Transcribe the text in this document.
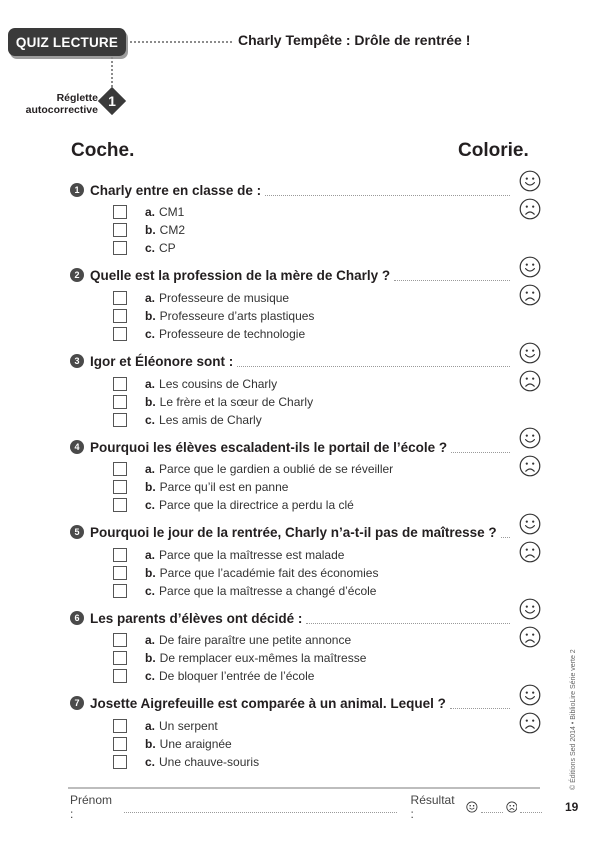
QUIZ LECTURE	Charly Tempête : Drôle de rentrée !
Réglette
autocorrective
1
Coche.	Colorie.
1 Charly entre en classe de :
a. CM1
b. CM2
c. CP
2 Quelle est la profession de la mère de Charly ?
a. Professeure de musique
b. Professeure d’arts plastiques
c. Professeure de technologie
3 Igor et Éléonore sont :
a. Les cousins de Charly
b. Le frère et la sœur de Charly
c. Les amis de Charly
4 Pourquoi les élèves escaladent-ils le portail de l’école ?
a. Parce que le gardien a oublié de se réveiller
b. Parce qu’il est en panne
c. Parce que la directrice a perdu la clé
5 Pourquoi le jour de la rentrée, Charly n’a-t-il pas de maîtresse ?
a. Parce que la maîtresse est malade
b. Parce que l’académie fait des économies
c. Parce que la maîtresse a changé d’école
6 Les parents d’élèves ont décidé :
a. De faire paraître une petite annonce
b. De remplacer eux-mêmes la maîtresse
c. De bloquer l’entrée de l’école
7 Josette Aigrefeuille est comparée à un animal. Lequel ?
a. Un serpent
b. Une araignée
c. Une chauve-souris
Prénom :
Résultat :	19
© Éditions Sed 2014 • BiblioLire Série verte 2
